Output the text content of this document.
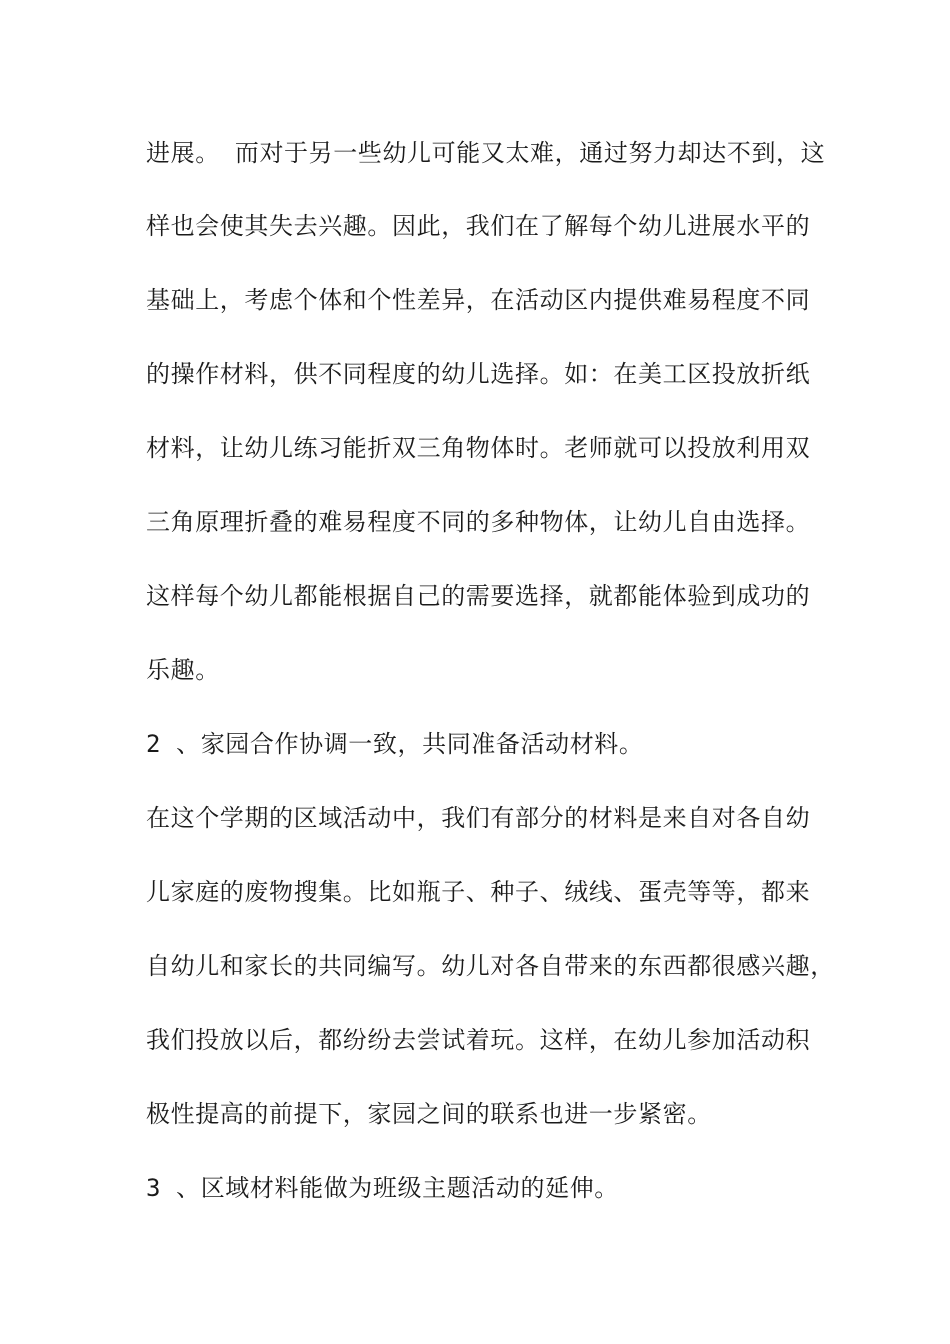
进展。 而对于另一些幼儿可能又太难，通过努力却达不到，这
样也会使其失去兴趣。因此，我们在了解每个幼儿进展水平的
基础上，考虑个体和个性差异，在活动区内提供难易程度不同
的操作材料，供不同程度的幼儿选择。如：在美工区投放折纸
材料，让幼儿练习能折双三角物体时。老师就可以投放利用双
三角原理折叠的难易程度不同的多种物体，让幼儿自由选择。
这样每个幼儿都能根据自己的需要选择，就都能体验到成功的
乐趣。
2 、家园合作协调一致，共同准备活动材料。
在这个学期的区域活动中，我们有部分的材料是来自对各自幼
儿家庭的废物搜集。比如瓶子、种子、绒线、蛋壳等等，都来
自幼儿和家长的共同编写。幼儿对各自带来的东西都很感兴趣，
我们投放以后，都纷纷去尝试着玩。这样，在幼儿参加活动积
极性提高的前提下，家园之间的联系也进一步紧密。
3 、区域材料能做为班级主题活动的延伸。
